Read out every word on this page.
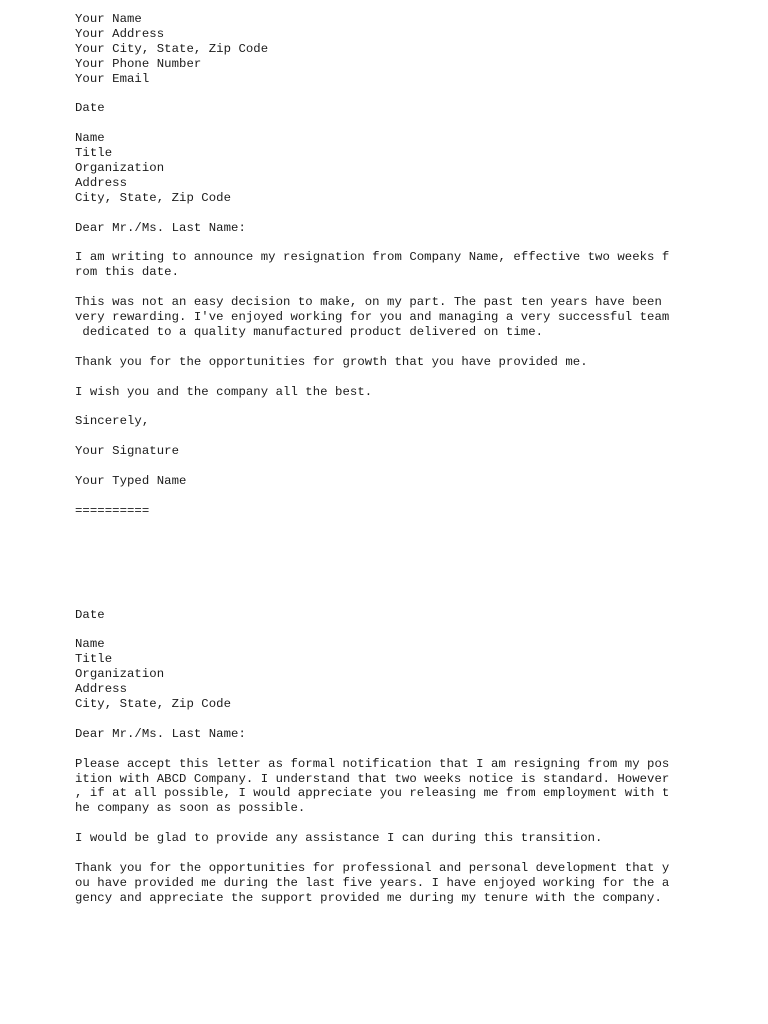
Your Name
Your Address
Your City, State, Zip Code
Your Phone Number
Your Email
Date
Name
Title
Organization
Address
City, State, Zip Code
Dear Mr./Ms. Last Name:
I am writing to announce my resignation from Company Name, effective two weeks f
rom this date.
This was not an easy decision to make, on my part. The past ten years have been
very rewarding. I've enjoyed working for you and managing a very successful team
dedicated to a quality manufactured product delivered on time.
Thank you for the opportunities for growth that you have provided me.
I wish you and the company all the best.
Sincerely,
Your Signature
Your Typed Name
==========
Date
Name
Title
Organization
Address
City, State, Zip Code
Dear Mr./Ms. Last Name:
Please accept this letter as formal notification that I am resigning from my pos
ition with ABCD Company. I understand that two weeks notice is standard. However
, if at all possible, I would appreciate you releasing me from employment with t
he company as soon as possible.
I would be glad to provide any assistance I can during this transition.
Thank you for the opportunities for professional and personal development that y
ou have provided me during the last five years. I have enjoyed working for the a
gency and appreciate the support provided me during my tenure with the company.
